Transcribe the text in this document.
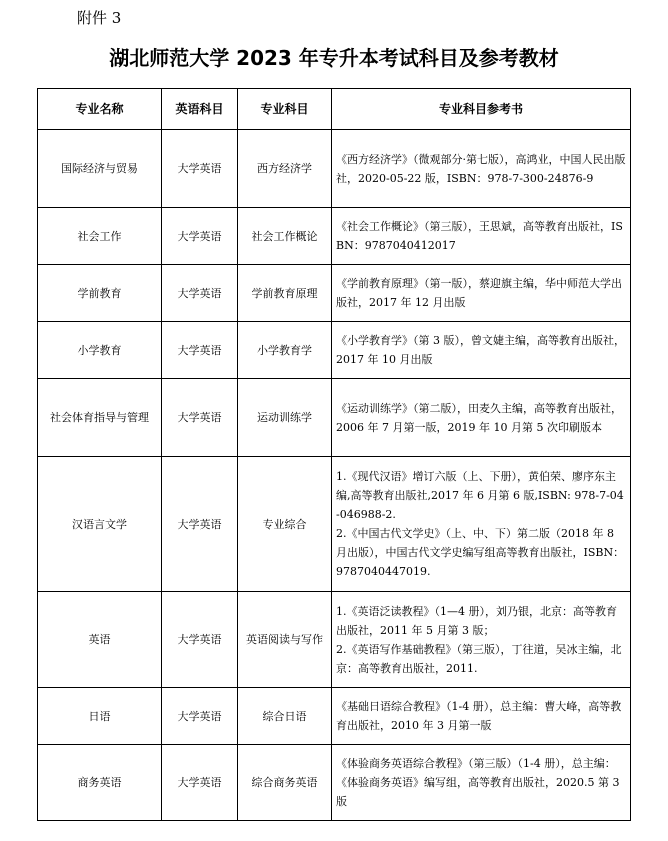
附件 3
湖北师范大学 2023 年专升本考试科目及参考教材
专业名称	英语科目	专业科目	专业科目参考书
国际经济与贸易	大学英语	西方经济学	《西方经济学》（微观部分·第七版），高鸿业，中国人民出版社，2020-05-22 版，ISBN：978-7-300-24876-9

社会工作	大学英语	社会工作概论	《社会工作概论》（第三版），王思斌，高等教育出版社，ISBN：9787040412017

学前教育	大学英语	学前教育原理	《学前教育原理》（第一版），蔡迎旗主编，华中师范大学出版社，2017 年 12 月出版

小学教育	大学英语	小学教育学	《小学教育学》（第 3 版），曾文婕主编，高等教育出版社，2017 年 10 月出版

社会体育指导与管理	大学英语	运动训练学	《运动训练学》（第二版），田麦久主编，高等教育出版社，2006 年 7 月第一版，2019 年 10 月第 5 次印刷版本

汉语言文学	大学英语	专业综合	1.《现代汉语》增订六版（上、下册），黄伯荣、廖序东主编,高等教育出版社,2017 年 6 月第 6 版,ISBN: 978-7-04-046988-2.
2.《中国古代文学史》（上、中、下）第二版（2018 年 8 月出版），中国古代文学史编写组高等教育出版社，ISBN：9787040447019.

英语	大学英语	英语阅读与写作	1.《英语泛读教程》（1—4 册），刘乃银，北京：高等教育出版社，2011 年 5 月第 3 版；
2.《英语写作基础教程》（第三版），丁往道，吴冰主编，北京：高等教育出版社，2011.

日语	大学英语	综合日语	《基础日语综合教程》（1-4 册），总主编：曹大峰，高等教育出版社，2010 年 3 月第一版

商务英语	大学英语	综合商务英语	《体验商务英语综合教程》（第三版）（1-4 册），总主编：《体验商务英语》编写组，高等教育出版社，2020.5 第 3 版
